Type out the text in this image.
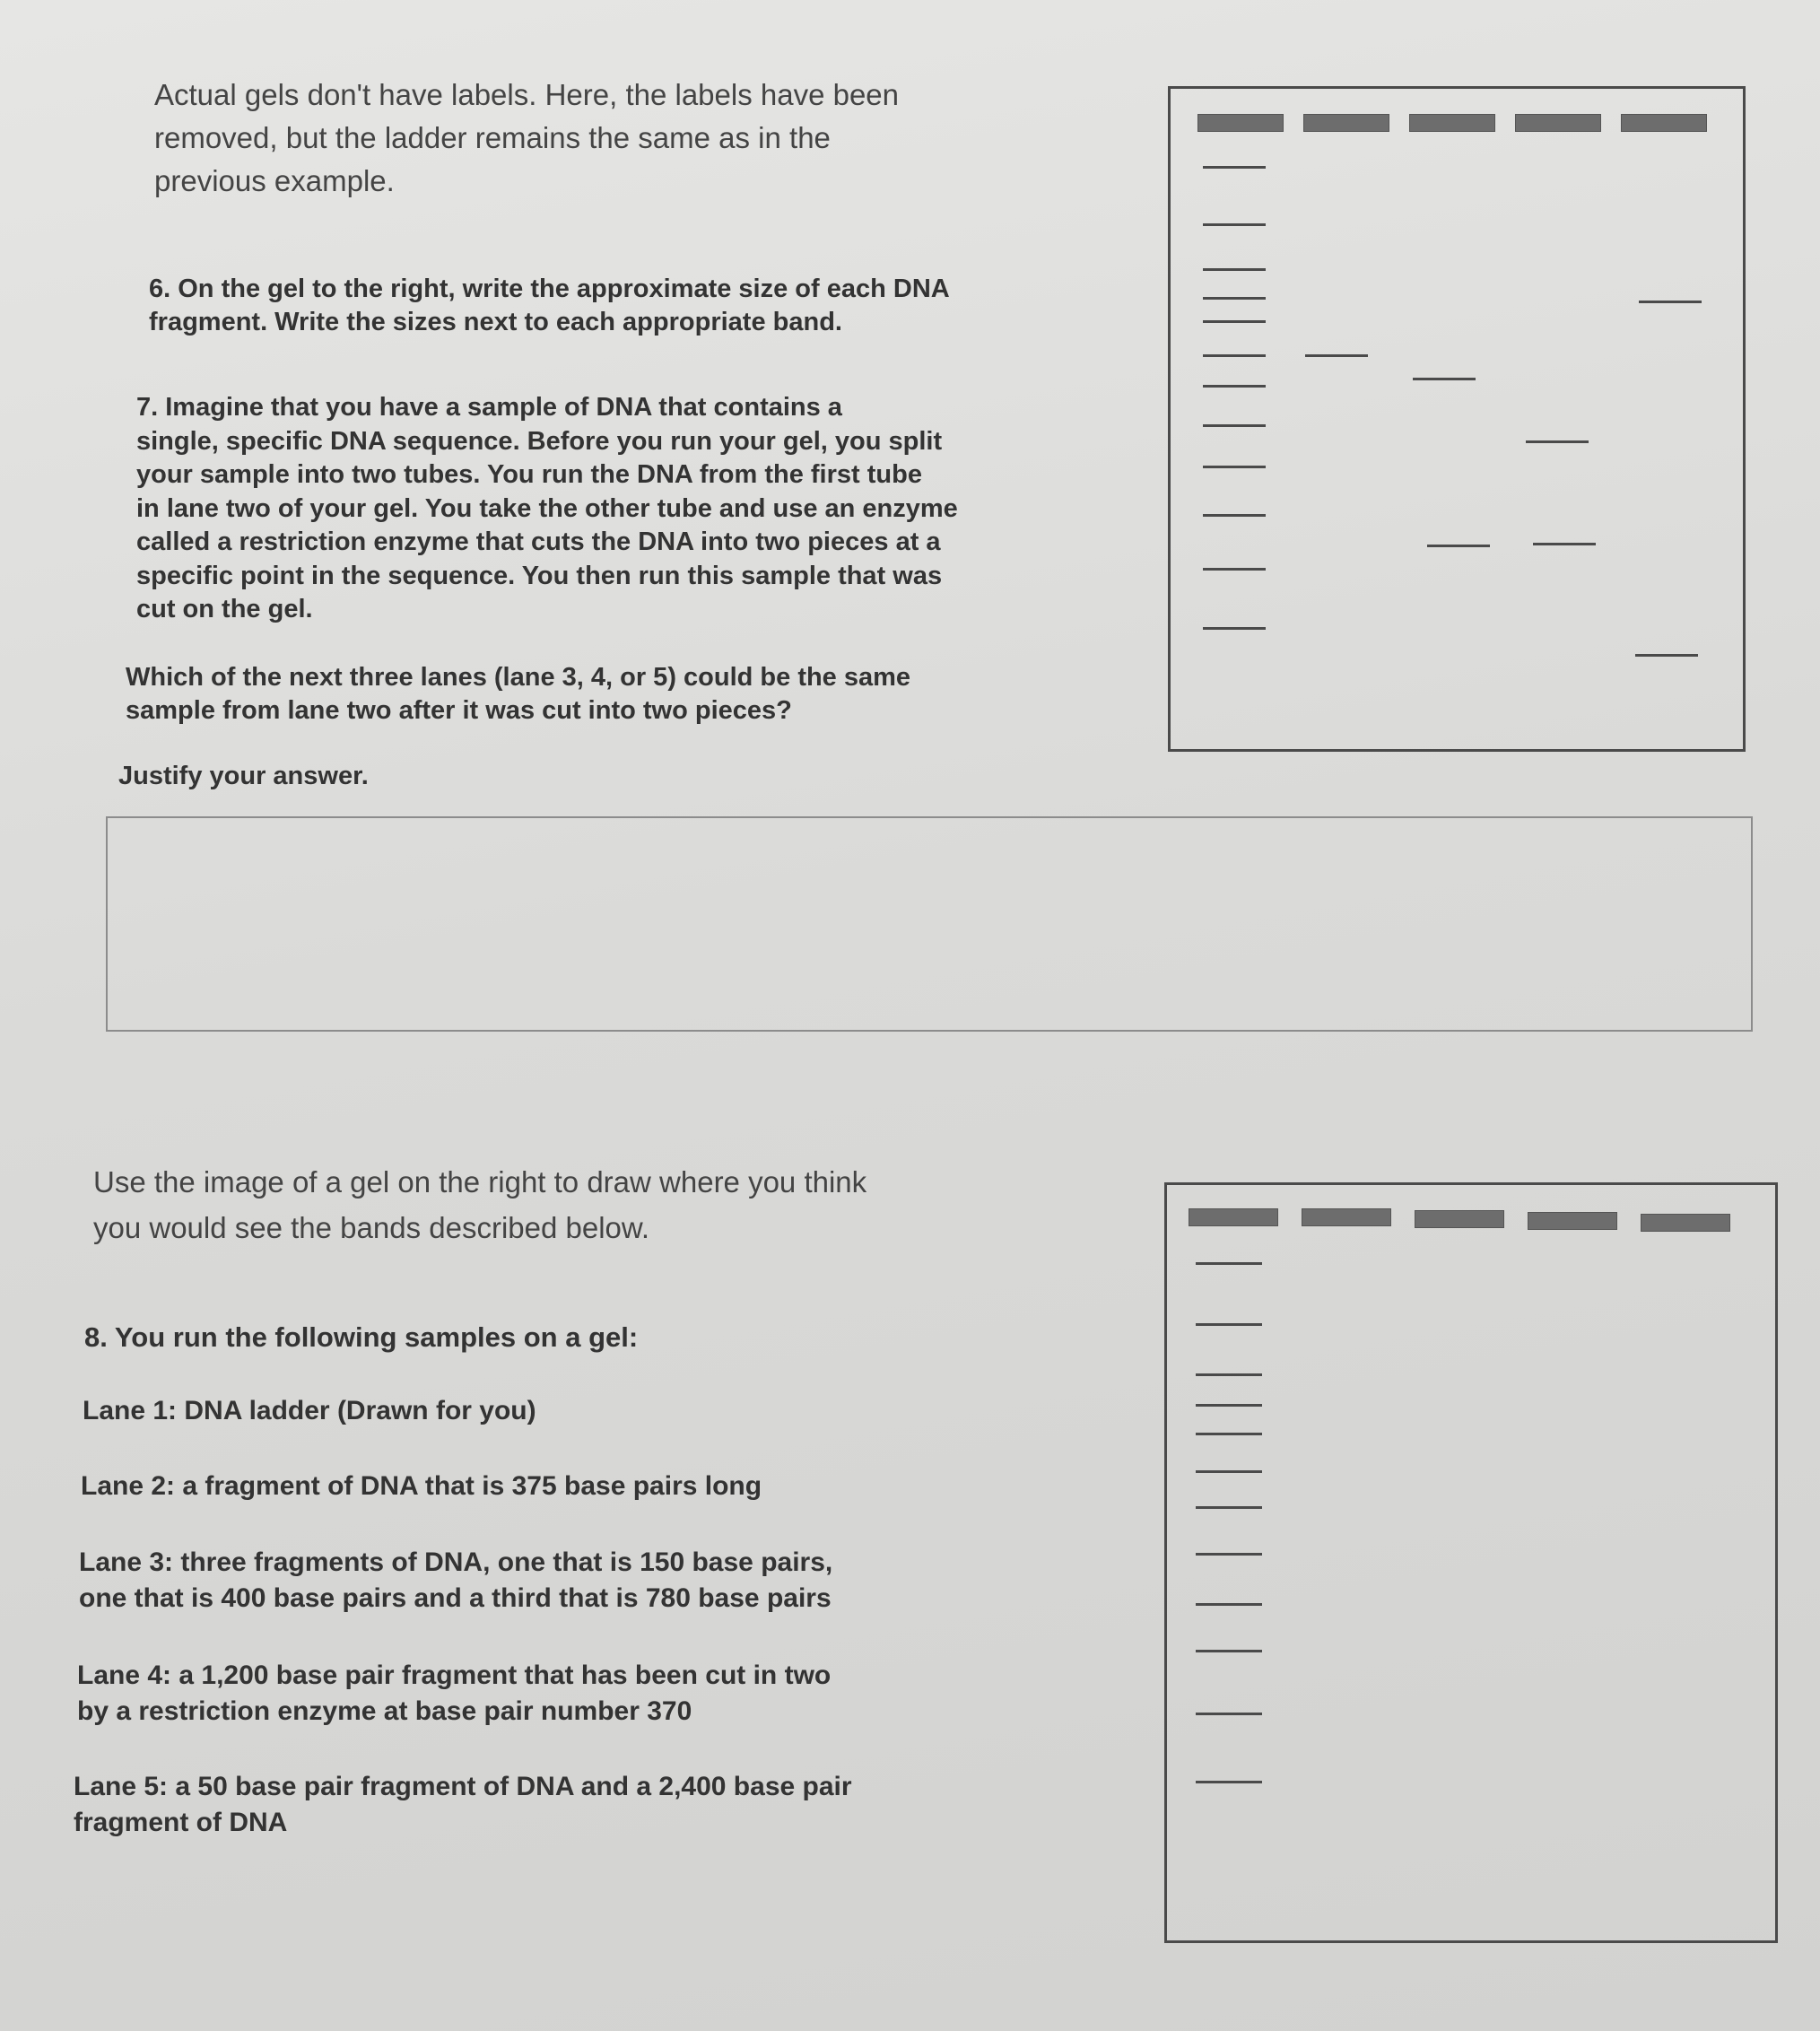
Actual gels don't have labels. Here, the labels have been
removed, but the ladder remains the same as in the
previous example.
6. On the gel to the right, write the approximate size of each DNA
fragment. Write the sizes next to each appropriate band.
7. Imagine that you have a sample of DNA that contains a
single, specific DNA sequence. Before you run your gel, you split
your sample into two tubes. You run the DNA from the first tube
in lane two of your gel. You take the other tube and use an enzyme
called a restriction enzyme that cuts the DNA into two pieces at a
specific point in the sequence. You then run this sample that was
cut on the gel.
Which of the next three lanes (lane 3, 4, or 5) could be the same
sample from lane two after it was cut into two pieces?
Justify your answer.
Use the image of a gel on the right to draw where you think
you would see the bands described below.
8. You run the following samples on a gel:
Lane 1: DNA ladder (Drawn for you)
Lane 2: a fragment of DNA that is 375 base pairs long
Lane 3: three fragments of DNA, one that is 150 base pairs,
one that is 400 base pairs and a third that is 780 base pairs
Lane 4: a 1,200 base pair fragment that has been cut in two
by a restriction enzyme at base pair number 370
Lane 5: a 50 base pair fragment of DNA and a 2,400 base pair
fragment of DNA
